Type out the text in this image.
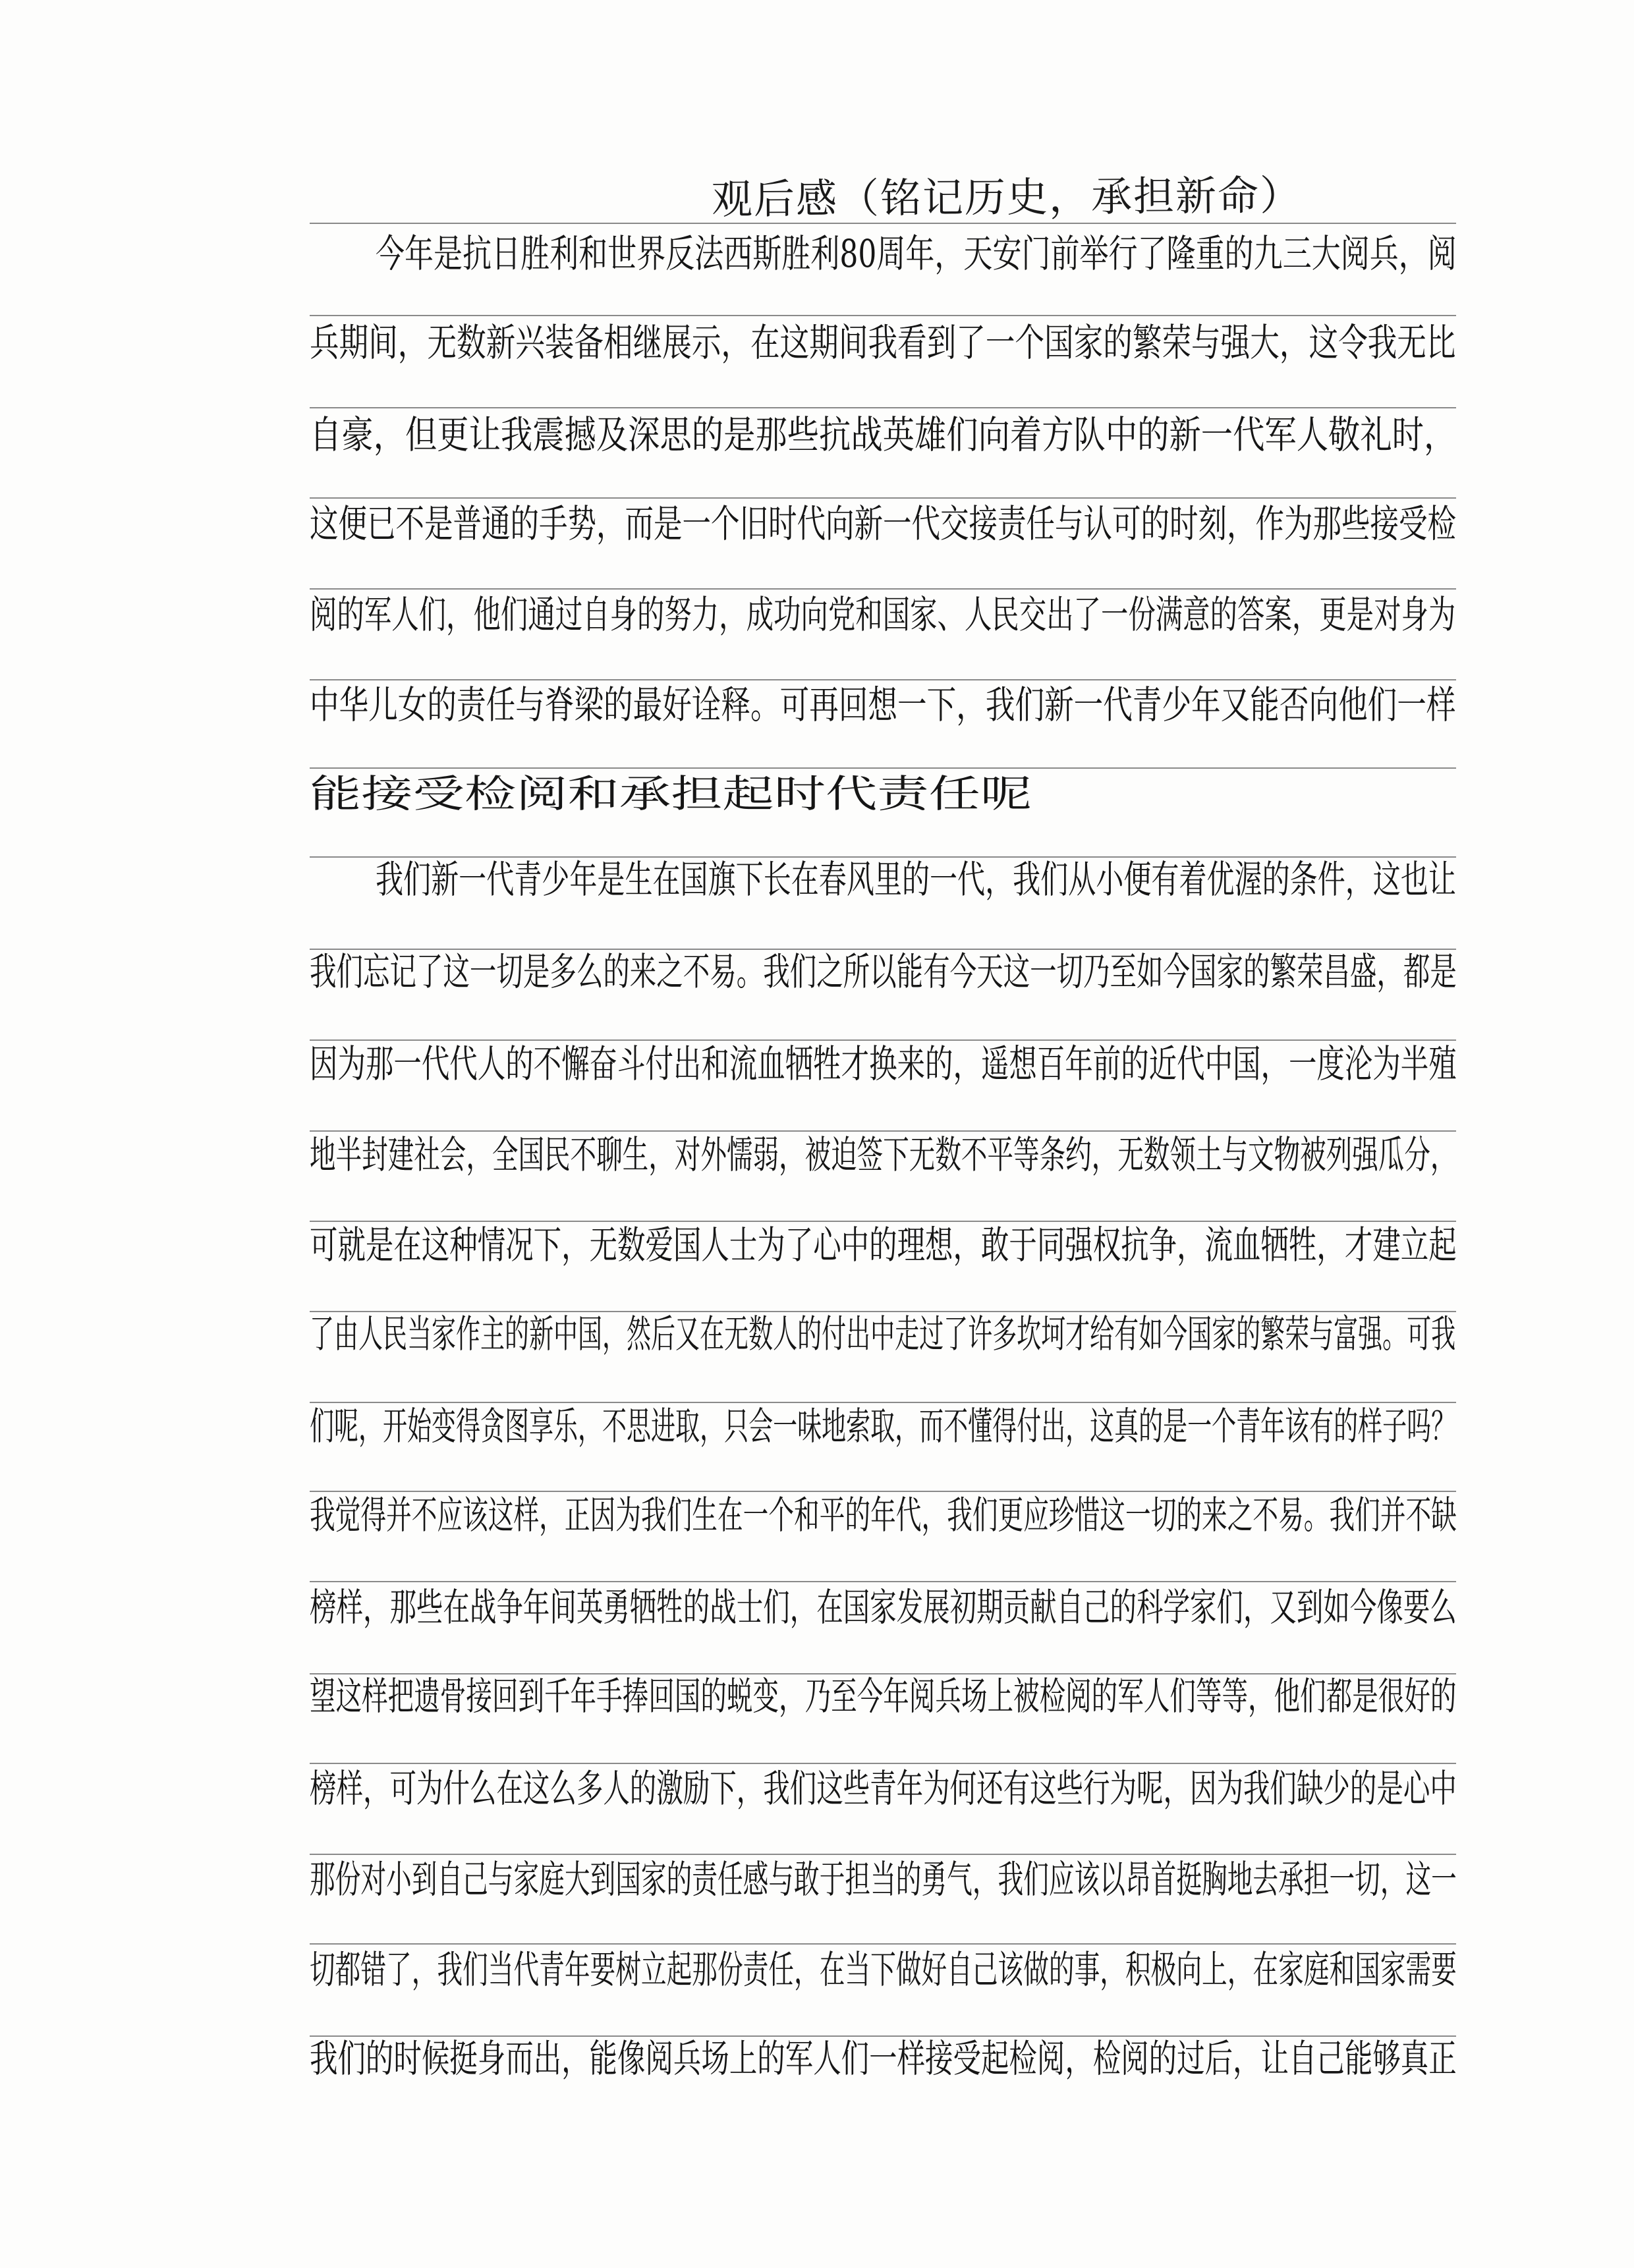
观后感（铭记历史，承担新命）
今年是抗日胜利和世界反法西斯胜利80周年，天安门前举行了隆重的九三大阅兵，阅
兵期间，无数新兴装备相继展示，在这期间我看到了一个国家的繁荣与强大，这令我无比
自豪，但更让我震撼及深思的是那些抗战英雄们向着方队中的新一代军人敬礼时，
这便已不是普通的手势，而是一个旧时代向新一代交接责任与认可的时刻，作为那些接受检
阅的军人们，他们通过自身的努力，成功向党和国家、人民交出了一份满意的答案，更是对身为
中华儿女的责任与脊梁的最好诠释。可再回想一下，我们新一代青少年又能否向他们一样
能接受检阅和承担起时代责任呢
我们新一代青少年是生在国旗下长在春风里的一代，我们从小便有着优渥的条件，这也让
我们忘记了这一切是多么的来之不易。我们之所以能有今天这一切乃至如今国家的繁荣昌盛，都是
因为那一代代人的不懈奋斗付出和流血牺牲才换来的，遥想百年前的近代中国，一度沦为半殖
地半封建社会，全国民不聊生，对外懦弱，被迫签下无数不平等条约，无数领土与文物被列强瓜分，
可就是在这种情况下，无数爱国人士为了心中的理想，敢于同强权抗争，流血牺牲，才建立起
了由人民当家作主的新中国，然后又在无数人的付出中走过了许多坎坷才给有如今国家的繁荣与富强。可我
们呢，开始变得贪图享乐，不思进取，只会一味地索取，而不懂得付出，这真的是一个青年该有的样子吗？
我觉得并不应该这样，正因为我们生在一个和平的年代，我们更应珍惜这一切的来之不易。我们并不缺
榜样，那些在战争年间英勇牺牲的战士们，在国家发展初期贡献自己的科学家们，又到如今像要么
望这样把遗骨接回到千年手捧回国的蜕变，乃至今年阅兵场上被检阅的军人们等等，他们都是很好的
榜样，可为什么在这么多人的激励下，我们这些青年为何还有这些行为呢，因为我们缺少的是心中
那份对小到自己与家庭大到国家的责任感与敢于担当的勇气，我们应该以昂首挺胸地去承担一切，这一
切都错了，我们当代青年要树立起那份责任，在当下做好自己该做的事，积极向上，在家庭和国家需要
我们的时候挺身而出，能像阅兵场上的军人们一样接受起检阅，检阅的过后，让自己能够真正
